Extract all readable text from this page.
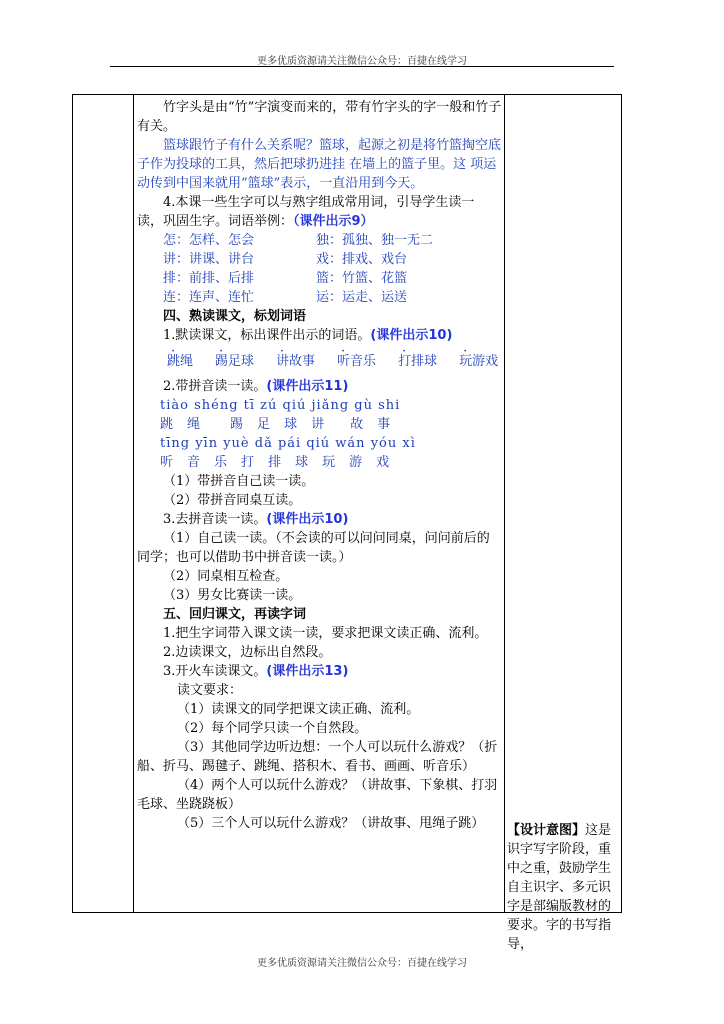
更多优质资源请关注微信公众号：百捷在线学习

竹字头是由“竹”字演变而来的，带有竹字头的字一般和竹子有关。

篮球跟竹子有什么关系呢？篮球，起源之初是将竹篮掏空底子作为投球的工具，然后把球扔进挂 在墙上的篮子里。这 项运动传到中国来就用“篮球”表示，一直沿用到今天。

4.本课一些生字可以与熟字组成常用词，引导学生读一 读，巩固生字。词语举例：（课件出示9）

怎：怎样、怎会	独：孤独、独一无二
讲：讲课、讲台	戏：排戏、戏台
排：前排、后排	篮：竹篮、花篮
连：连声、连忙	运：运走、运送

四、熟读课文，标划词语

1.默读课文，标出课件出示的词语。(课件出示10)

· 跳绳 · 踢足球 · 讲故事 · 听音乐 · 打排球 · 玩游戏

2.带拼音读一读。(课件出示11)

tiào shéng tī zú qiú jiǎng gù shi
跳 绳 踢 足 球 讲 故 事
tīng yīn yuè dǎ pái qiú wán yóu xì
听 音 乐 打 排 球 玩 游 戏

（1）带拼音自己读一读。

（2）带拼音同桌互读。

3.去拼音读一读。(课件出示10)

（1）自己读一读。（不会读的可以问问同桌，问问前后的同学；也可以借助书中拼音读一读。）

（2）同桌相互检查。

（3）男女比赛读一读。

五、回归课文，再读字词

1.把生字词带入课文读一读，要求把课文读正确、流利。

2.边读课文，边标出自然段。

3.开火车读课文。(课件出示13)

读文要求：

（1）读课文的同学把课文读正确、流利。

（2）每个同学只读一个自然段。

（3）其他同学边听边想：一个人可以玩什么游戏？（折船、折马、踢毽子、跳绳、搭积木、看书、画画、听音乐）

（4）两个人可以玩什么游戏？（讲故事、下象棋、打羽毛球、坐跷跷板）

（5）三个人可以玩什么游戏？（讲故事、甩绳子跳）	【设计意图】这是识字写字阶段，重中之重，鼓励学生自主识字、多元识字是部编版教材的要求。字的书写指导，
更多优质资源请关注微信公众号：百捷在线学习
